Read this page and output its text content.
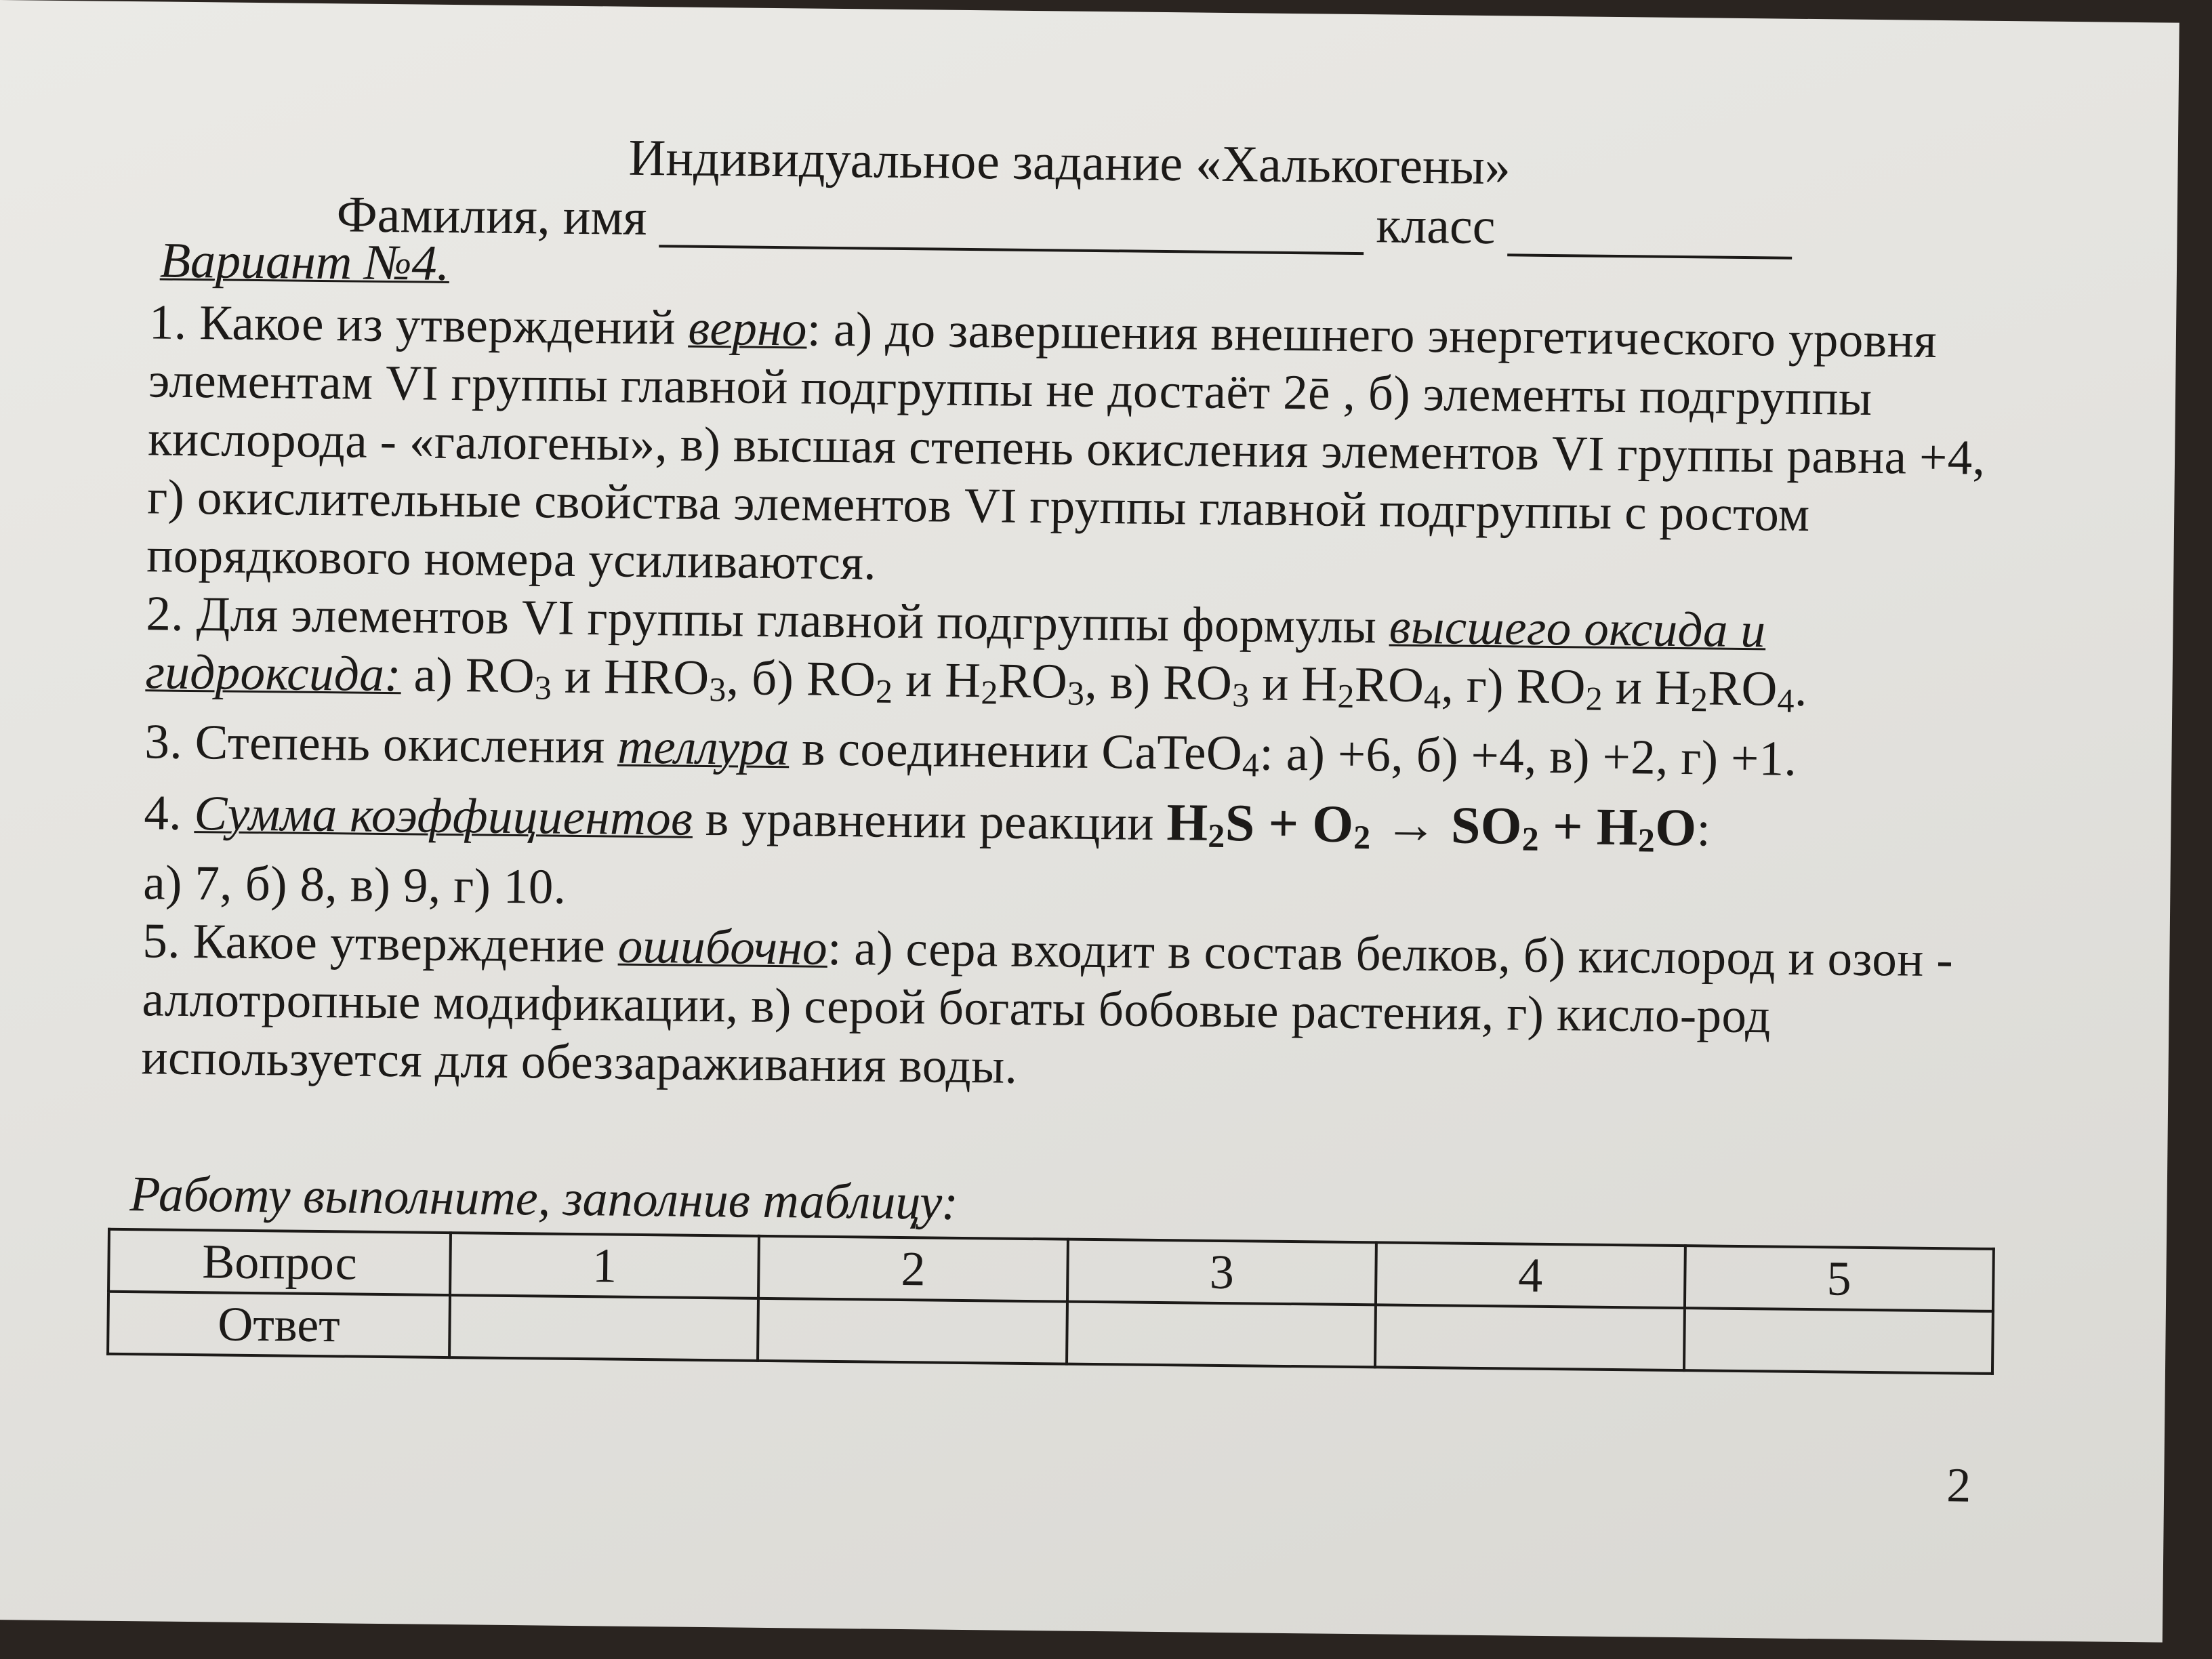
Индивидуальное задание «Халькогены»
Фамилия, имя	класс
Вариант №4.

1. Какое из утверждений верно: а) до завершения внешнего энергетического уровня элементам VI группы главной подгруппы не достаёт 2ē , б) элементы подгруппы кислорода - «галогены», в) высшая степень окисления элементов VI группы равна +4, г) окислительные свойства элементов VI группы главной подгруппы с ростом порядкового номера усиливаются.

2. Для элементов VI группы главной подгруппы формулы высшего оксида и гидроксида: а) $RO_3$ и $HRO_3$, б) $RO_2$ и $H_2RO_3$, в) $RO_3$ и $H_2RO_4$, г) $RO_2$ и $H_2RO_4$.

3. Степень окисления теллура в соединении CaTeO$_4$: а) +6, б) +4, в) +2, г) +1.

4. Сумма коэффициентов в уравнении реакции $H_2S + O_2 \to SO_2 + H_2O$:
а) 7, б) 8, в) 9, г) 10.

5. Какое утверждение ошибочно: а) сера входит в состав белков, б) кислород и озон - аллотропные модификации, в) серой богаты бобовые растения, г) кисло-род используется для обеззараживания воды.

Работу выполните, заполнив таблицу:
Вопрос	1	2	3	4	5
Ответ					
2
